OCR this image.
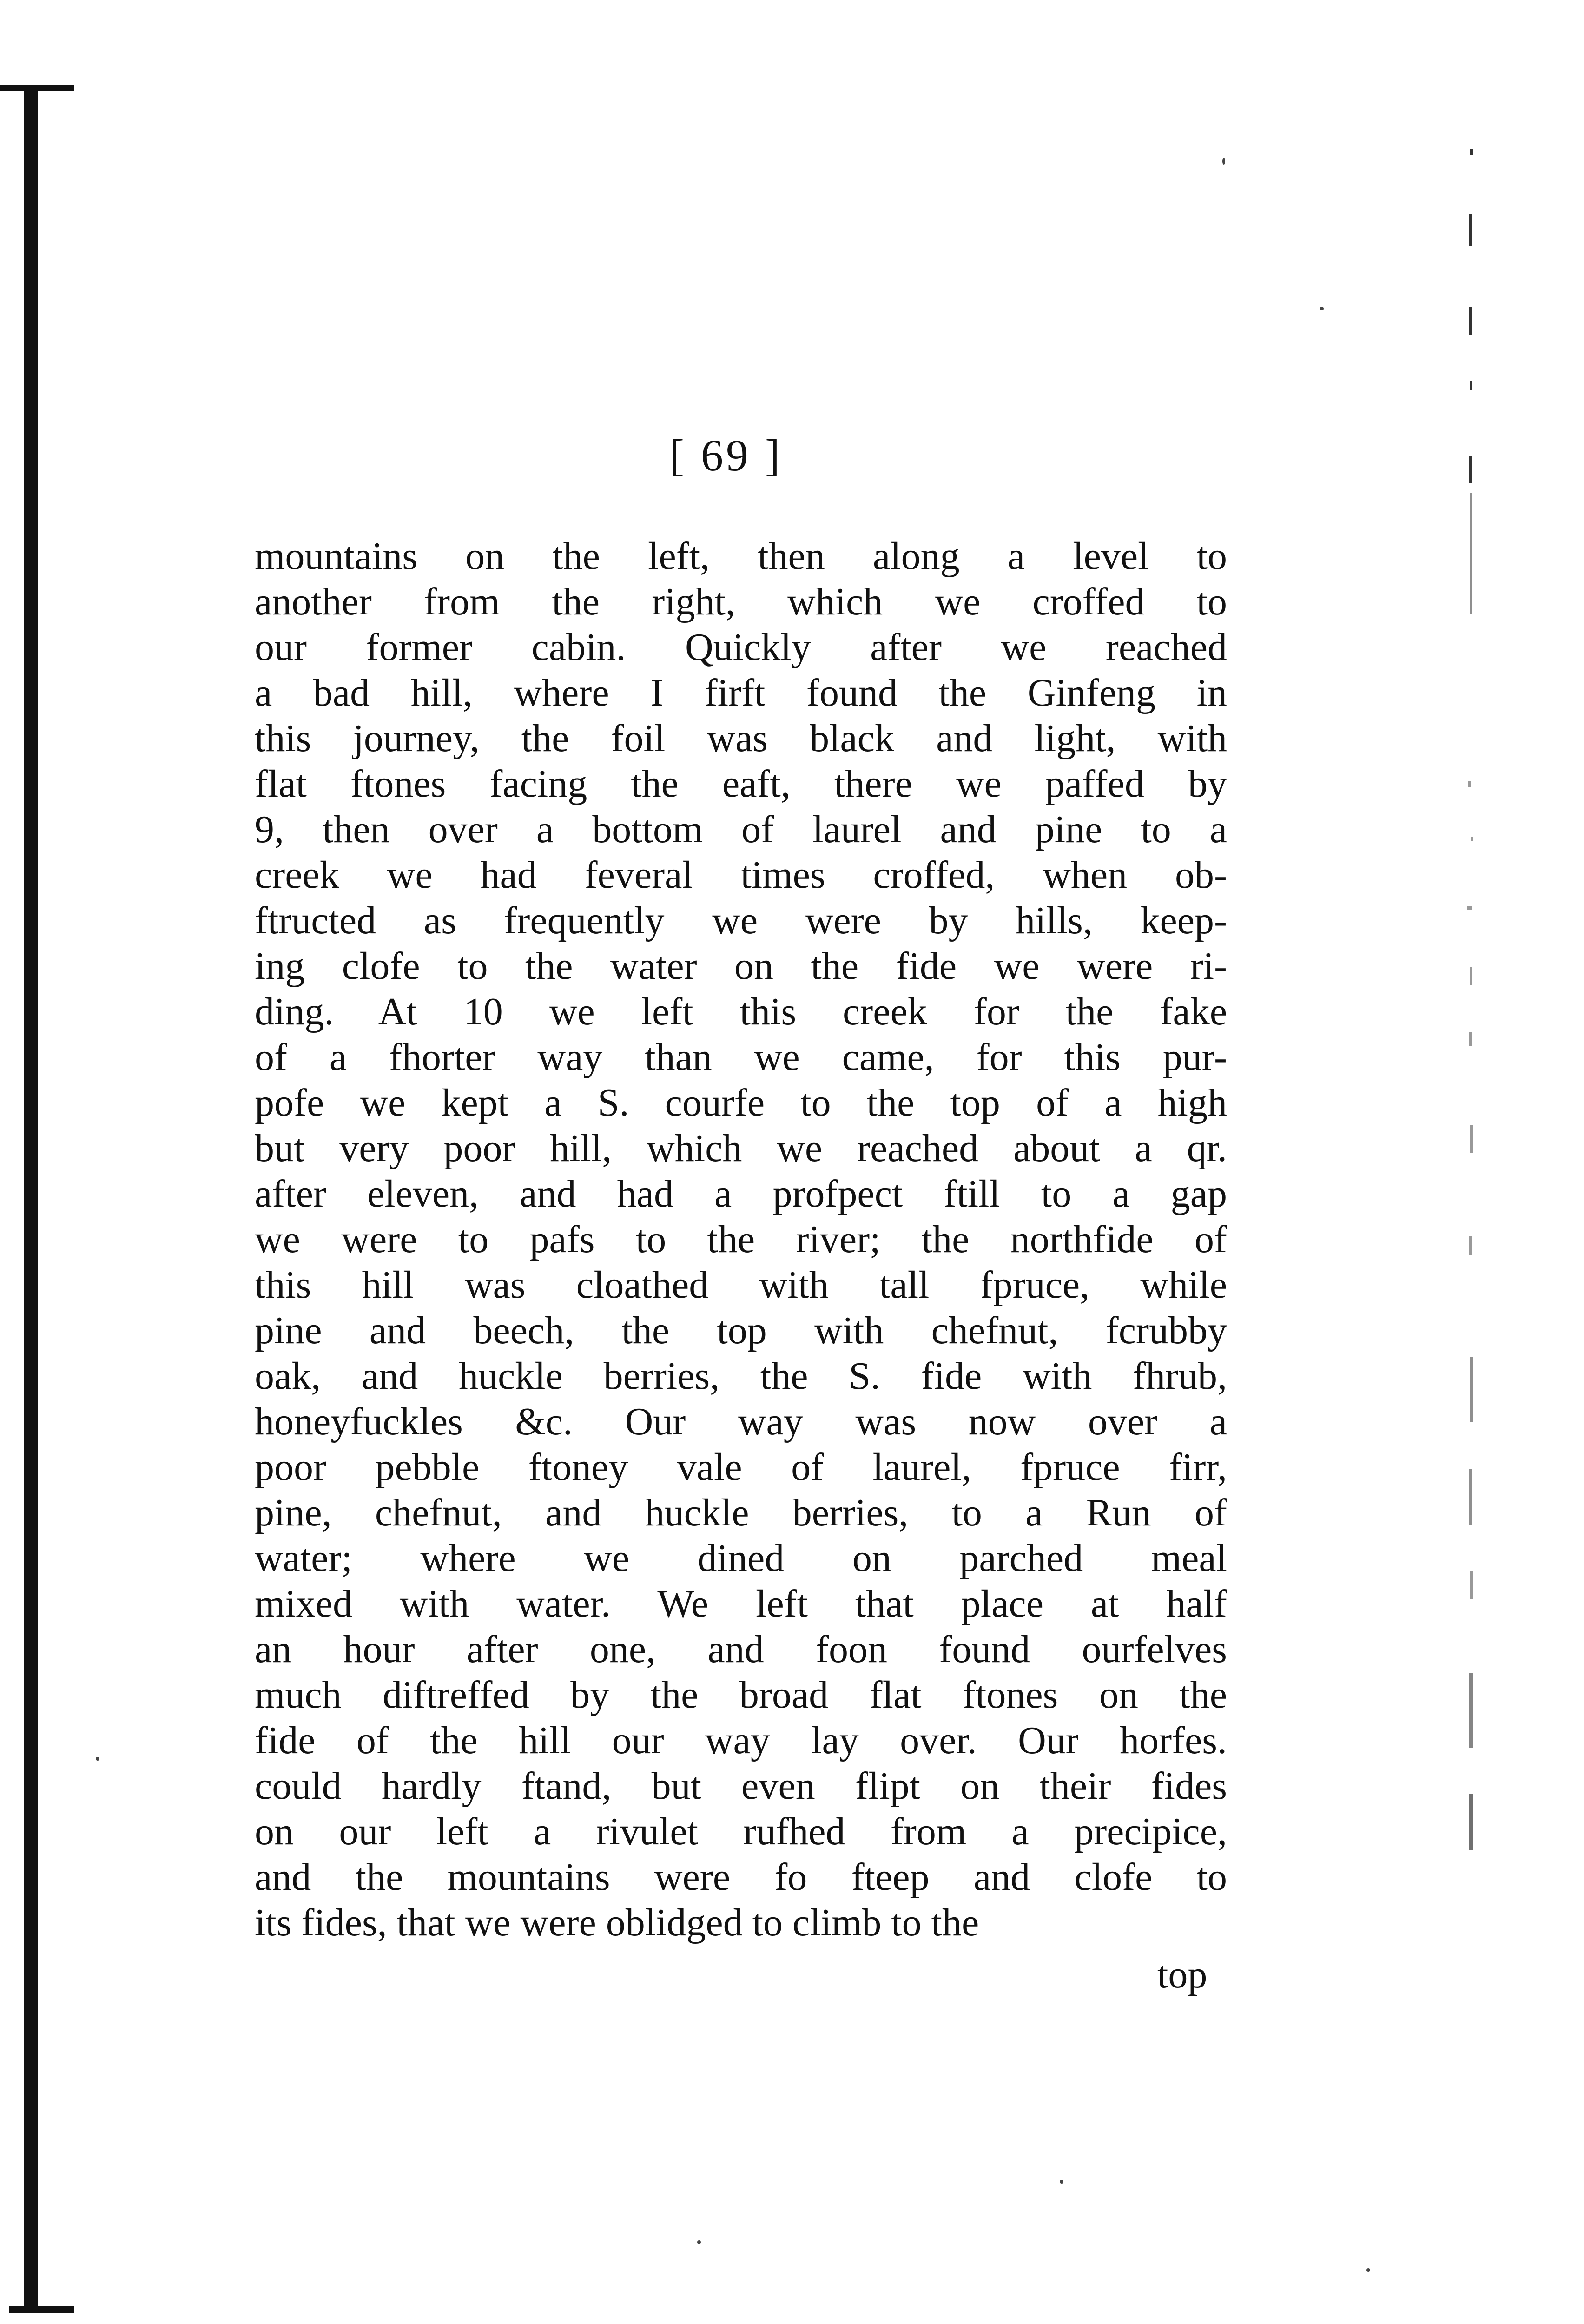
[ 69 ]
mountains on the left, then along a level to
another from the right, which we croffed to
our former cabin. Quickly after we reached
a bad hill, where I firft found the Ginfeng in
this journey, the foil was black and light, with
flat ftones facing the eaft, there we paffed by
9, then over a bottom of laurel and pine to a
creek we had feveral times croffed, when ob-
ftructed as frequently we were by hills, keep-
ing clofe to the water on the fide we were ri-
ding. At 10 we left this creek for the fake
of a fhorter way than we came, for this pur-
pofe we kept a S. courfe to the top of a high
but very poor hill, which we reached about a qr.
after eleven, and had a profpect ftill to a gap
we were to pafs to the river; the northfide of
this hill was cloathed with tall fpruce, while
pine and beech, the top with chefnut, fcrubby
oak, and huckle berries, the S. fide with fhrub,
honeyfuckles &c. Our way was now over a
poor pebble ftoney vale of laurel, fpruce firr,
pine, chefnut, and huckle berries, to a Run of
water; where we dined on parched meal
mixed with water. We left that place at half
an hour after one, and foon found ourfelves
much diftreffed by the broad flat ftones on the
fide of the hill our way lay over. Our horfes.
could hardly ftand, but even flipt on their fides
on our left a rivulet rufhed from a precipice,
and the mountains were fo fteep and clofe to
its fides, that we were oblidged to climb to the
top
